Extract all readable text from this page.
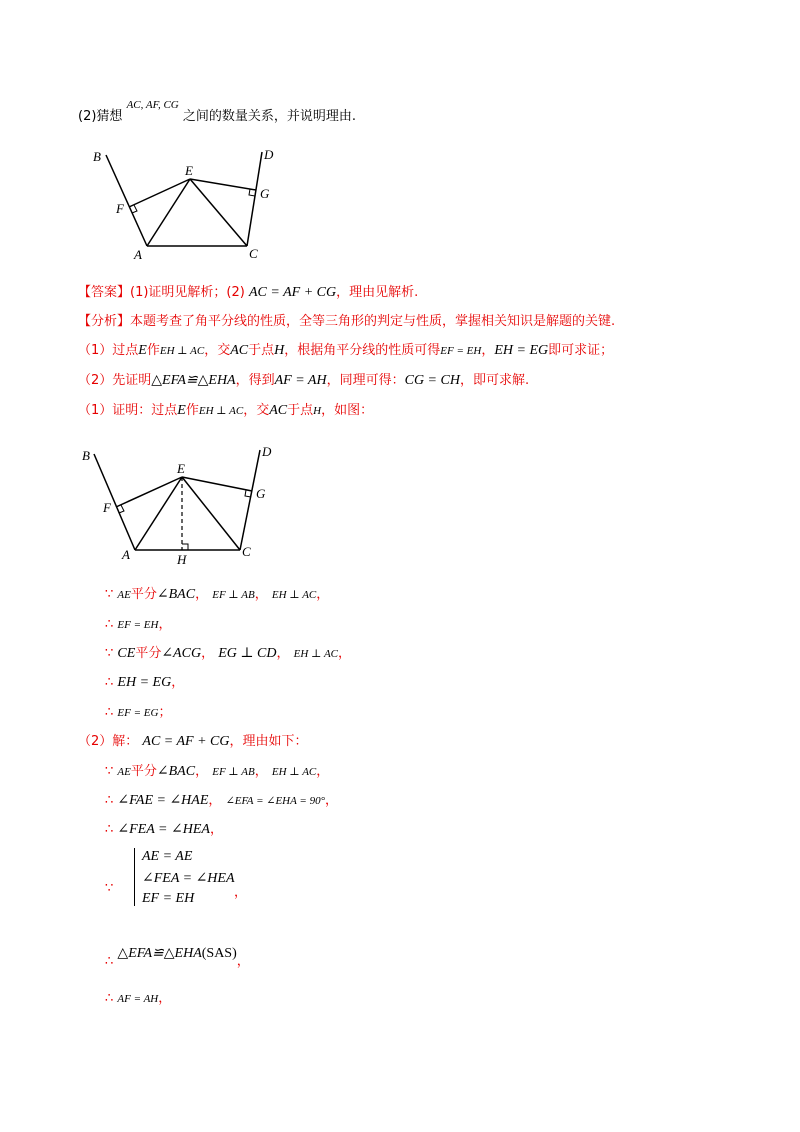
(2)猜想 $^{AC, AF, CG}$ 之间的数量关系，并说明理由.
B	D
E
F
G
A	C
【答案】(1)证明见解析；(2) AC = AF + CG，理由见解析.
【分析】本题考查了角平分线的性质，全等三角形的判定与性质，掌握相关知识是解题的关键.
（1）过点E作EH ⊥ AC，交AC于点H，根据角平分线的性质可得EF = EH，EH = EG即可求证；
（2）先证明△EFA≌△EHA，得到AF = AH，同理可得：CG = CH，即可求解.
（1）证明：过点E作EH ⊥ AC，交AC于点H，如图：
B	D
E
F
G
A	H
C
∵ AE平分∠BAC， EF ⊥ AB， EH ⊥ AC，
∴ EF = EH，
∵ CE平分∠ACG， EG ⊥ CD， EH ⊥ AC，
∴ EH = EG，
∴ EF = EG；
（2）解： AC = AF + CG，理由如下：
∵ AE平分∠BAC， EF ⊥ AB， EH ⊥ AC，
∴ ∠FAE = ∠HAE， ∠EFA = ∠EHA = 90°，
∴ ∠FEA = ∠HEA，
∵
AE = AE
∠FEA = ∠HEA
EF = EH	，
∴ △EFA≌△EHA(SAS)，
∴ AF = AH，
